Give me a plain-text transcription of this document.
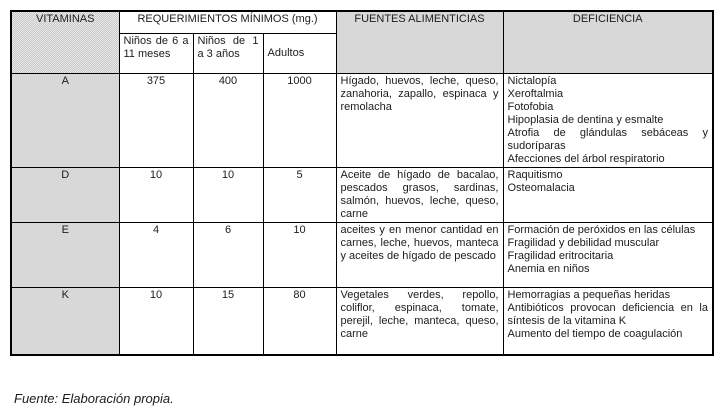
VITAMINAS	REQUERIMIENTOS MÍNIMOS (mg.)			FUENTES ALIMENTICIAS	DEFICIENCIA
	Niños de 6 a 11 meses	Niños de 1 a 3 años	Adultos		
A	375	400	1000	Hígado, huevos, leche, queso, zanahoria, zapallo, espinaca y remolacha	
Nictalopía
Xeroftalmia
Fotofobia
Hipoplasia de dentina y esmalte
Atrofia de glándulas sebáceas y sudoríparas
Afecciones del árbol respiratorio

D	10	10	5	Aceite de hígado de bacalao, pescados grasos, sardinas, salmón, huevos, leche, queso, carne	Raquitismo
Osteomalacia

E	4	6	10	aceites y en menor cantidad en carnes, leche, huevos, manteca y aceites de hígado de pescado	Formación de peróxidos en las células
Fragilidad y debilidad muscular
Fragilidad eritrocitaria
Anemia en niños

K	10	15	80	Vegetales verdes, repollo, coliflor, espinaca, tomate, perejil, leche, manteca, queso, carne	Hemorragias a pequeñas heridas
Antibióticos provocan deficiencia en la síntesis de la vitamina K
Aumento del tiempo de coagulación
Fuente: Elaboración propia.
